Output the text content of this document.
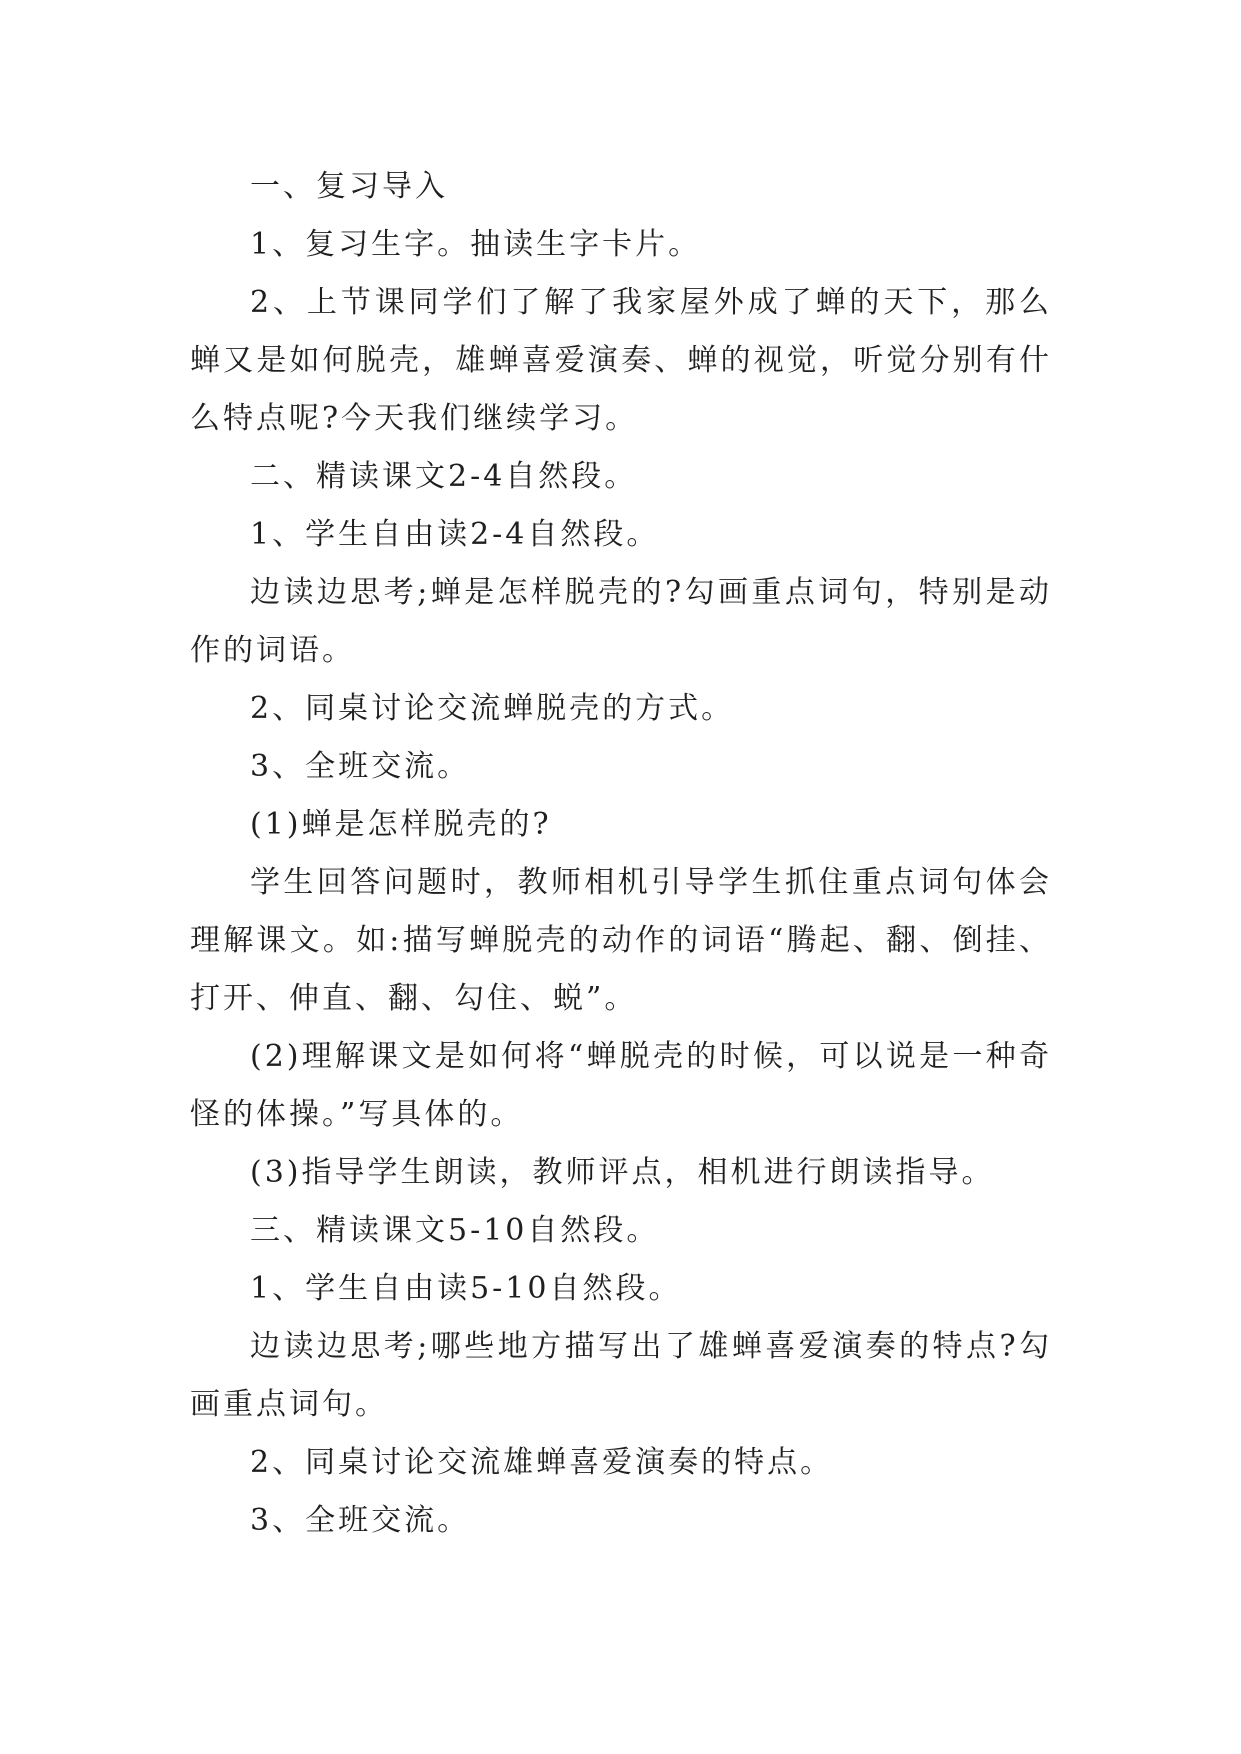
一、复习导入

1、复习生字。抽读生字卡片。

2、上节课同学们了解了我家屋外成了蝉的天下，那么蝉又是如何脱壳，雄蝉喜爱演奏、蝉的视觉，听觉分别有什么特点呢?今天我们继续学习。

二、精读课文2-4自然段。

1、学生自由读2-4自然段。

边读边思考;蝉是怎样脱壳的?勾画重点词句，特别是动作的词语。

2、同桌讨论交流蝉脱壳的方式。

3、全班交流。

(1)蝉是怎样脱壳的?

学生回答问题时，教师相机引导学生抓住重点词句体会理解课文。如:描写蝉脱壳的动作的词语“腾起、翻、倒挂、打开、伸直、翻、勾住、蜕”。

(2)理解课文是如何将“蝉脱壳的时候，可以说是一种奇怪的体操。”写具体的。

(3)指导学生朗读，教师评点，相机进行朗读指导。

三、精读课文5-10自然段。

1、学生自由读5-10自然段。

边读边思考;哪些地方描写出了雄蝉喜爱演奏的特点?勾画重点词句。

2、同桌讨论交流雄蝉喜爱演奏的特点。

3、全班交流。
